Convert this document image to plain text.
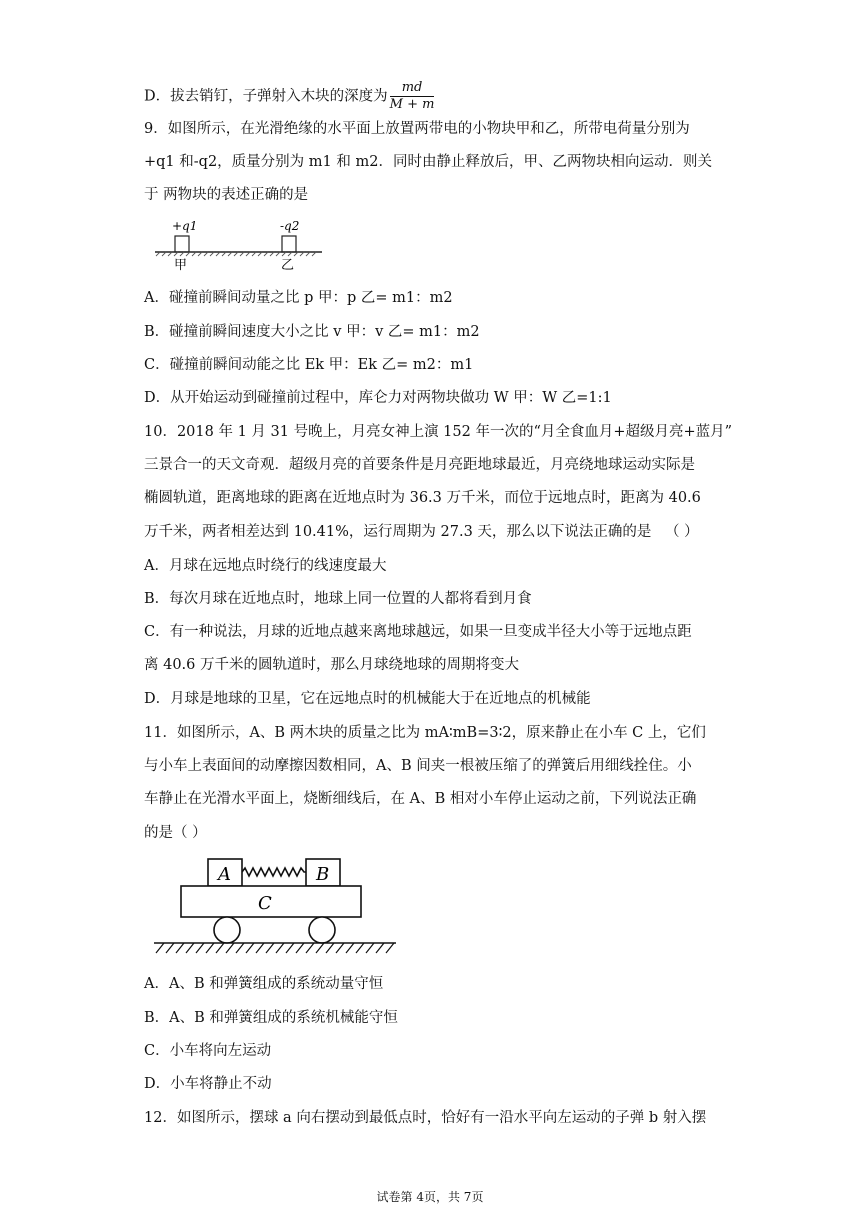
D．拔去销钉，子弹射入木块的深度为 $\frac{md}{M + m}$
9．如图所示，在光滑绝缘的水平面上放置两带电的小物块甲和乙，所带电荷量分别为
+q1 和-q2，质量分别为 m1 和 m2．同时由静止释放后，甲、乙两物块相向运动．则关
于 两物块的表述正确的是
+q1	-q2
甲	乙
A．碰撞前瞬间动量之比 p 甲：p 乙= m1：m2
B．碰撞前瞬间速度大小之比 v 甲：v 乙= m1：m2
C．碰撞前瞬间动能之比 Ek 甲：Ek 乙= m2：m1
D．从开始运动到碰撞前过程中，库仑力对两物块做功 W 甲：W 乙=1:1
10．2018 年 1 月 31 号晚上，月亮女神上演 152 年一次的“月全食血月+超级月亮+蓝月”
三景合一的天文奇观．超级月亮的首要条件是月亮距地球最近，月亮绕地球运动实际是
椭圆轨道，距离地球的距离在近地点时为 36.3 万千米，而位于远地点时，距离为 40.6
万千米，两者相差达到 10.41%，运行周期为 27.3 天，那么以下说法正确的是 （ ）
A．月球在远地点时绕行的线速度最大
B．每次月球在近地点时，地球上同一位置的人都将看到月食
C．有一种说法，月球的近地点越来离地球越远，如果一旦变成半径大小等于远地点距
离 40.6 万千米的圆轨道时，那么月球绕地球的周期将变大
D．月球是地球的卫星，它在远地点时的机械能大于在近地点的机械能
11．如图所示，A、B 两木块的质量之比为 mA∶mB=3∶2，原来静止在小车 C 上，它们
与小车上表面间的动摩擦因数相同，A、B 间夹一根被压缩了的弹簧后用细线拴住。小
车静止在光滑水平面上，烧断细线后，在 A、B 相对小车停止运动之前，下列说法正确
的是（ ）
A	B
C
A．A、B 和弹簧组成的系统动量守恒
B．A、B 和弹簧组成的系统机械能守恒
C．小车将向左运动
D．小车将静止不动
12．如图所示，摆球 a 向右摆动到最低点时，恰好有一沿水平向左运动的子弹 b 射入摆
试卷第 4页，共 7页
